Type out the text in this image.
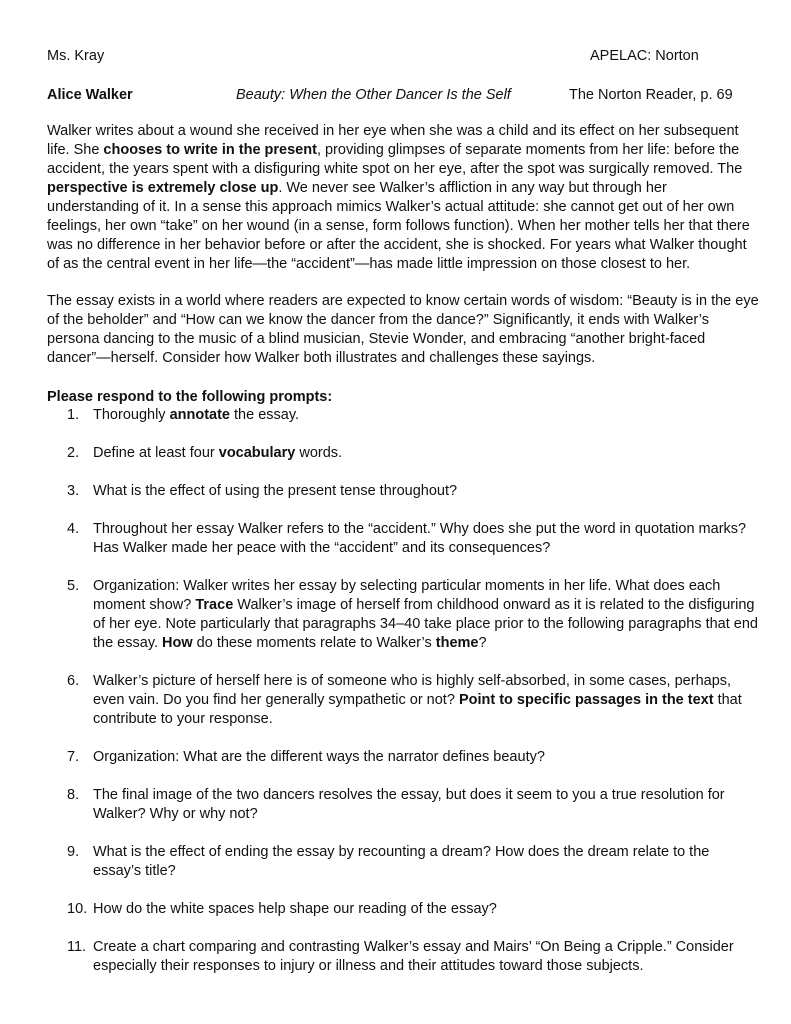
Ms. Kray	APELAC: Norton
Alice Walker	Beauty: When the Other Dancer Is the Self	The Norton Reader, p. 69

Walker writes about a wound she received in her eye when she was a child and its effect on her subsequent life. She chooses to write in the present, providing glimpses of separate moments from her life: before the accident, the years spent with a disfiguring white spot on her eye, after the spot was surgically removed. The perspective is extremely close up. We never see Walker’s affliction in any way but through her understanding of it. In a sense this approach mimics Walker’s actual attitude: she cannot get out of her own feelings, her own “take” on her wound (in a sense, form follows function). When her mother tells her that there was no difference in her behavior before or after the accident, she is shocked. For years what Walker thought of as the central event in her life—the “accident”—has made little impression on those closest to her.

The essay exists in a world where readers are expected to know certain words of wisdom: “Beauty is in the eye of the beholder” and “How can we know the dancer from the dance?” Significantly, it ends with Walker’s persona dancing to the music of a blind musician, Stevie Wonder, and embracing “another bright-faced dancer”—herself. Consider how Walker both illustrates and challenges these sayings.

Please respond to the following prompts:
1. Thoroughly annotate the essay.
2. Define at least four vocabulary words.
3. What is the effect of using the present tense throughout?
4. Throughout her essay Walker refers to the “accident.” Why does she put the word in quotation marks? Has Walker made her peace with the “accident” and its consequences?
5. Organization: Walker writes her essay by selecting particular moments in her life. What does each moment show? Trace Walker’s image of herself from childhood onward as it is related to the disfiguring of her eye. Note particularly that paragraphs 34–40 take place prior to the following paragraphs that end the essay. How do these moments relate to Walker’s theme?
6. Walker’s picture of herself here is of someone who is highly self-absorbed, in some cases, perhaps, even vain. Do you find her generally sympathetic or not? Point to specific passages in the text that contribute to your response.
7. Organization: What are the different ways the narrator defines beauty?
8. The final image of the two dancers resolves the essay, but does it seem to you a true resolution for Walker? Why or why not?
9. What is the effect of ending the essay by recounting a dream? How does the dream relate to the essay’s title?
10. How do the white spaces help shape our reading of the essay?
11. Create a chart comparing and contrasting Walker’s essay and Mairs’ “On Being a Cripple.” Consider especially their responses to injury or illness and their attitudes toward those subjects.
